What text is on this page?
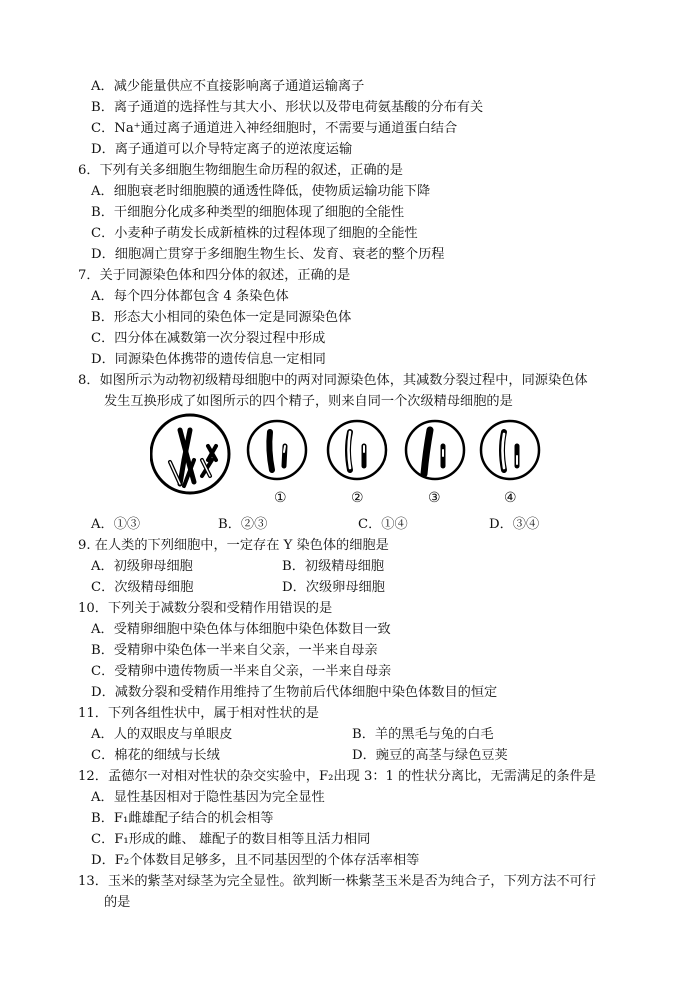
A．减少能量供应不直接影响离子通道运输离子
B．离子通道的选择性与其大小、形状以及带电荷氨基酸的分布有关
C．Na⁺通过离子通道进入神经细胞时，不需要与通道蛋白结合
D．离子通道可以介导特定离子的逆浓度运输
6．下列有关多细胞生物细胞生命历程的叙述，正确的是
A．细胞衰老时细胞膜的通透性降低，使物质运输功能下降
B．干细胞分化成多种类型的细胞体现了细胞的全能性
C．小麦种子萌发长成新植株的过程体现了细胞的全能性
D．细胞凋亡贯穿于多细胞生物生长、发育、衰老的整个历程
7．关于同源染色体和四分体的叙述，正确的是
A．每个四分体都包含 4 条染色体
B．形态大小相同的染色体一定是同源染色体
C．四分体在减数第一次分裂过程中形成
D．同源染色体携带的遗传信息一定相同
8．如图所示为动物初级精母细胞中的两对同源染色体，其减数分裂过程中，同源染色体
发生互换形成了如图所示的四个精子，则来自同一个次级精母细胞的是
①	②	③	④
A．①③	B．②③	C．①④	D．③④
9. 在人类的下列细胞中，一定存在 Y 染色体的细胞是
A．初级卵母细胞	B．初级精母细胞
C．次级精母细胞	D．次级卵母细胞
10．下列关于减数分裂和受精作用错误的是
A．受精卵细胞中染色体与体细胞中染色体数目一致
B．受精卵中染色体一半来自父亲，一半来自母亲
C．受精卵中遗传物质一半来自父亲，一半来自母亲
D．减数分裂和受精作用维持了生物前后代体细胞中染色体数目的恒定
11．下列各组性状中，属于相对性状的是
A．人的双眼皮与单眼皮	B．羊的黑毛与兔的白毛
C．棉花的细绒与长绒	D．豌豆的高茎与绿色豆荚
12．孟德尔一对相对性状的杂交实验中，F₂出现 3：1 的性状分离比，无需满足的条件是
A．显性基因相对于隐性基因为完全显性
B．F₁雌雄配子结合的机会相等
C．F₁形成的雌、 雄配子的数目相等且活力相同
D．F₂个体数目足够多，且不同基因型的个体存活率相等
13．玉米的紫茎对绿茎为完全显性。欲判断一株紫茎玉米是否为纯合子，下列方法不可行
的是
